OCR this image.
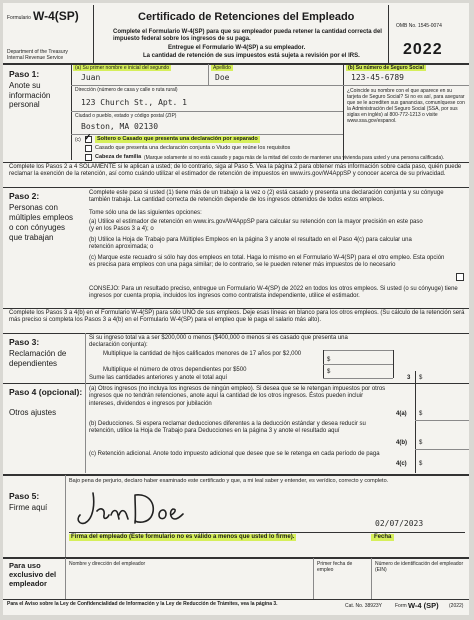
Formulario W-4(SP)
Department of the Treasury
Internal Revenue Service
Certificado de Retenciones del Empleado
Complete el Formulario W-4(SP) para que su empleador pueda retener la cantidad correcta del impuesto federal sobre los ingresos de su paga.
Entregue el Formulario W-4(SP) a su empleador.
La cantidad de retención de sus impuestos está sujeta a revisión por el IRS.
OMB No. 1545-0074
2022
Paso 1:
Anote su información personal
(a) Su primer nombre e inicial del segundo
Juan
Apellido
Doe
(b) Su número de Seguro Social
123-45-6789
Dirección (número de casa y calle o ruta rural)
123 Church St., Apt. 1
Ciudad o pueblo, estado y código postal (ZIP)
Boston, MA 02130
¿Coincide su nombre con el que aparece en su tarjeta de Seguro Social? Si no es así, para asegurar que se le acrediten sus ganancias, comuníquese con la Administración del Seguro Social (SSA, por sus siglas en inglés) al 800-772-1213 o visite www.ssa.gov/espanol.
(c) ✓ Soltero o Casado que presenta una declaración por separado
Casado que presenta una declaración conjunta o Viudo que reúne los requisitos
Cabeza de familia (Marque solamente si no está casado y paga más de la mitad del costo de mantener una vivienda para usted y una persona calificada).
Complete los Pasos 2 a 4 SOLAMENTE si le aplican a usted; de lo contrario, siga al Paso 5. Vea la página 2 para obtener más información sobre cada paso, quién puede reclamar la exención de la retención, así como cuándo utilizar el estimador de retención de impuestos en www.irs.gov/W4AppSP y conocer acerca de su privacidad.
Paso 2:
Personas con múltiples empleos o con cónyuges que trabajan
Complete este paso si usted (1) tiene más de un trabajo a la vez o (2) está casado y presenta una declaración conjunta y su cónyuge también trabaja. La cantidad correcta de retención depende de los ingresos obtenidos de todos estos empleos.
Tome sólo una de las siguientes opciones:
(a) Utilice el estimador de retención en www.irs.gov/W4AppSP para calcular su retención con la mayor precisión en este paso (y en los Pasos 3 a 4); o
(b) Utilice la Hoja de Trabajo para Múltiples Empleos en la página 3 y anote el resultado en el Paso 4(c) para calcular una retención aproximada; o
(c) Marque este recuadro si sólo hay dos empleos en total. Haga lo mismo en el Formulario W-4(SP) para el otro empleo. Esta opción es precisa para empleos con una paga similar; de lo contrario, se le pueden retener más impuestos de lo necesario
CONSEJO: Para un resultado preciso, entregue un Formulario W-4(SP) de 2022 en todos los otros empleos. Si usted (o su cónyuge) tiene ingresos por cuenta propia, incluidos los ingresos como contratista independiente, utilice el estimador.
Complete los Pasos 3 a 4(b) en el Formulario W-4(SP) para sólo UNO de sus empleos. Deje esas líneas en blanco para los otros empleos. (Su cálculo de la retención será más preciso si completa los Pasos 3 a 4(b) en el Formulario W-4(SP) para el empleo que le paga el salario más alto).
Paso 3:
Reclamación de dependientes
Si su ingreso total va a ser $200,000 o menos ($400,000 o menos si es casado que presenta una declaración conjunta):
Multiplique la cantidad de hijos calificados menores de 17 años por $2,000
Multiplique el número de otros dependientes por $500
$
$
Sume las cantidades anteriores y anote el total aquí	3 $
Paso 4 (opcional):
Otros ajustes
(a) Otros ingresos (no incluya los ingresos de ningún empleo). Si desea que se le retengan impuestos por otros ingresos que no tendrán retenciones, anote aquí la cantidad de los otros ingresos. Éstos pueden incluir intereses, dividendos e ingresos por jubilación
4(a) $
(b) Deducciones. Si espera reclamar deducciones diferentes a la deducción estándar y desea reducir su retención, utilice la Hoja de Trabajo para Deducciones en la página 3 y anote el resultado aquí
4(b) $
(c) Retención adicional. Anote todo impuesto adicional que desee que se le retenga en cada período de paga
4(c) $
Paso 5:
Firme aquí
Bajo pena de perjurio, declaro haber examinado este certificado y que, a mi leal saber y entender, es verídico, correcto y completo.
Firma del empleado (Este formulario no es válido a menos que usted lo firme).
02/07/2023
Fecha
Para uso exclusivo del empleador
Nombre y dirección del empleador	Primer fecha de empleo
Número de identificación del empleador (EIN)
Para el Aviso sobre la Ley de Confidencialidad de Información y la Ley de Reducción de Trámites, vea la página 3.	Cat. No. 38923Y	Form W-4 (SP) (2022)
